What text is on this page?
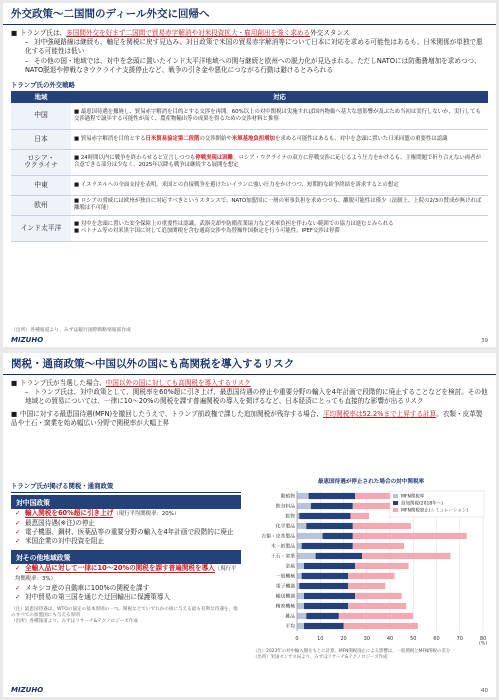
外交政策～二国間のディール外交に回帰へ
■ トランプ氏は、多国間外交を好まず二国間で貿易赤字解消や対米投資拡大・雇用創出を強く求める外交スタンス
– 対中強硬路線は継続も、軸足を関税に戻す見込み。対日政策で米国の貿易赤字解消等について日本に対応を求める可能性はあるも、日米関係が単独で悪化する可能性は低い
– その他の国・地域では、対中を念頭に置いたインド太平洋地域への関与継続と欧州への脱力化が見込まれる。ただしNATOには防衛費増加を求めつつ、NATO脱退や停戦なきウクライナ支援停止など、戦争の引き金や悪化につながる行動は避けるとみられる
トランプ氏の外交戦略
地域	対応
中国	■ 最恵国待遇を撤廃し、貿易赤字解消を目的とする交渉を再開。60%以上の対中関税は実施すれば国内物価へ基大な悪影響が及ぶため当初は実行しないか、実行しても交渉過程で譲歩する可能性が高く、農産物輸出等の成果を得るための交渉材料と推察
日本	■ 貿易赤字解消を目的とする日米貿易協定第二段階の交渉開始や米軍基地負担増加を求める可能性はあるも、対中を念頭に置いた日米同盟の重要性は認識
ロシア・
ウクライナ	■ 24時間以内に戦争を終わらせると宣言しつつも停戦実現は困難。ロシア・ウクライナの双方に停戦交渉に応じるよう圧力をかけるも、主権問題で折り合えない両者が合意できる部分は少なく、2025年以降も戦争は継続する展開を想定
中東	■ イスラエルへの全面支持を表明。米国との直接戦争を避けたいイランに強い圧力をかけつつ、短期的な紛争終結を訴求するとの想定
欧州	■ ロシアの脅威には欧州が独自に対応すべきというスタンスで、NATO加盟国に一層の軍事負担を求めつつも、離脱可能性は僅少（法制上、上院の2/3の賛成が無ければ離脱は不可能）
インド太平洋	■ 対中を念頭に置いた安全保障上の重要性は認識。武器売却や防衛産業協力など米軍負担を伴わない範囲での協力は進むとみられる
■ ベトナム等の対米黒字国に対して追加関税を含む通商交渉や為替操作国指定を行う可能性。IPEF交渉は停滞
（出所）各種報道より、みずほ銀行国際戦略情報部作成
MIZUHO	39
関税・通商政策～中国以外の国にも高関税を導入するリスク
■ トランプ氏が当選した場合、中国以外の国に対しても高関税を導入するリスク
– トランプ氏は、対中政策として、関税率を60%超に引き上げ、最恵国待遇の停止や重要分野の輸入を4年計画で段階的に廃止することなどを検討。その他地域との貿易については、一律に10～20%の関税を課す普遍関税の導入を掲げるなど、日本経済にとっても直接的な影響が出るリスク
■ 中国に対する最恵国待遇(MFN)を撤回したうえで、トランプ前政権で課した追加関税が残存する場合、平均関税率は52.2%まで上昇する計算。衣類・皮革製品や土石・窯業を始め幅広い分野で関税率が大幅上昇
トランプ氏が掲げる関税・通商政策
対中国政策
✓ 輸入関税を60%超に引き上げ（現行平均関税率：20%）
✓ 最恵国待遇(※注)の停止
✓ 電子機器、鋼材、医薬品等の重要分野の輸入を4年計画で段階的に廃止
✓ 米国企業の対中投資を阻止
対その他地域政策
✓ 全輸入品に対して一律に10～20%の関税を課す普遍関税を導入（現行平均関税率：3%）
✓ メキシコ産の自動車に100%の関税を課す
✓ 対中貿易の第三国を通じた迂回輸出に保護策導入
（注）最恵国待遇は、WTOの協定の基本原則の一つ。関税などでいずれかの国に与える最も有利な待遇を、他のすべての加盟国にも与える原則
（出所）各種報道より、みずほリサーチ&テクノロジーズ作成
最恵国待遇が停止された場合の対中関税率
0	10	20	30	40	50	60	70	80
(%)
動植物
飲食料品
鉱物
化学製品
衣類・皮革製品
木・紙製品
土石・窯業
金属
一般機械
電子機器
輸送機器
精密機械
雑品
平均
MFN関税率
追加関税(2018年～)
MFN関税廃止(シミュレーション)
（注）2023年の対中輸入額をもとに計算。MFN関税廃止による影響は、一般関税とMFN関税の差分
（出所）米国センサス局より、みずほリサーチ&テクノロジーズ作成
MIZUHO	40
